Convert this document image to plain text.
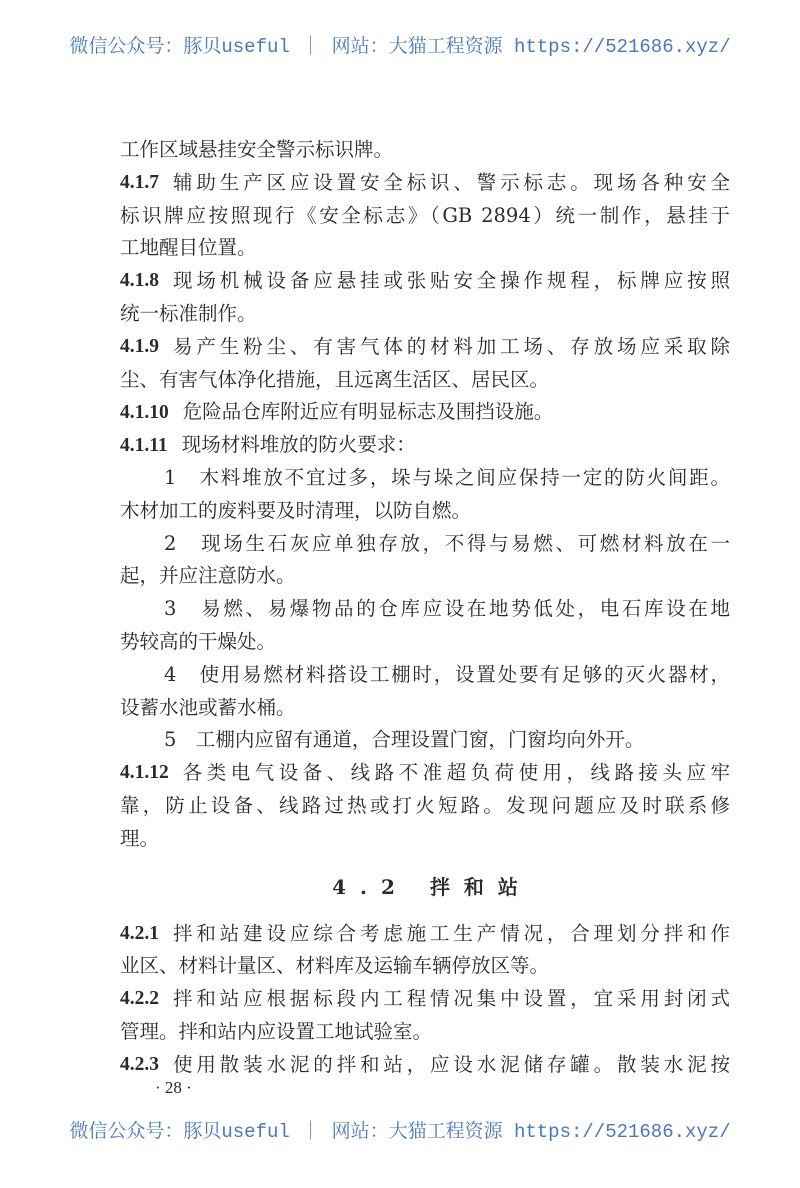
微信公众号：豚贝useful ｜ 网站：大猫工程资源 https://521686.xyz/
工作区域悬挂安全警示标识牌。
4.1.7 辅助生产区应设置安全标识、警示标志。现场各种安全
标识牌应按照现行《安全标志》（GB 2894）统一制作，悬挂于
工地醒目位置。
4.1.8 现场机械设备应悬挂或张贴安全操作规程，标牌应按照
统一标准制作。
4.1.9 易产生粉尘、有害气体的材料加工场、存放场应采取除
尘、有害气体净化措施，且远离生活区、居民区。
4.1.10 危险品仓库附近应有明显标志及围挡设施。
4.1.11 现场材料堆放的防火要求：
1　木料堆放不宜过多，垛与垛之间应保持一定的防火间距。
木材加工的废料要及时清理，以防自燃。
2　现场生石灰应单独存放，不得与易燃、可燃材料放在一
起，并应注意防水。
3　易燃、易爆物品的仓库应设在地势低处，电石库设在地
势较高的干燥处。
4　使用易燃材料搭设工棚时，设置处要有足够的灭火器材，
设蓄水池或蓄水桶。
5　工棚内应留有通道，合理设置门窗，门窗均向外开。
4.1.12 各类电气设备、线路不准超负荷使用，线路接头应牢
靠，防止设备、线路过热或打火短路。发现问题应及时联系修
理。
4.2 拌和站
4.2.1 拌和站建设应综合考虑施工生产情况，合理划分拌和作
业区、材料计量区、材料库及运输车辆停放区等。
4.2.2 拌和站应根据标段内工程情况集中设置，宜采用封闭式
管理。拌和站内应设置工地试验室。
4.2.3 使用散装水泥的拌和站，应设水泥储存罐。散装水泥按
· 28 ·
微信公众号：豚贝useful ｜ 网站：大猫工程资源 https://521686.xyz/
